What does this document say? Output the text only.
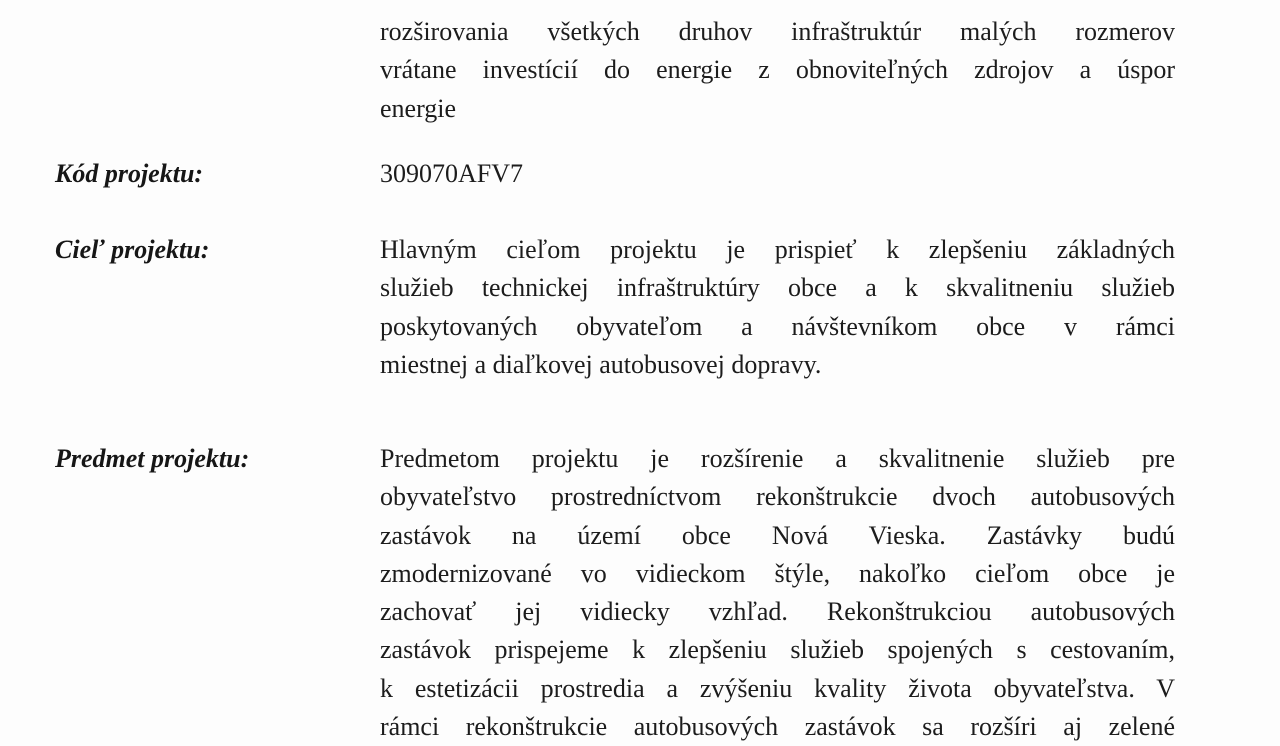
rozširovania všetkých druhov infraštruktúr malých rozmerov
vrátane investícií do energie z obnoviteľných zdrojov a úspor
energie
Kód projektu:	309070AFV7
Cieľ projektu:	Hlavným cieľom projektu je prispieť k zlepšeniu základných
služieb technickej infraštruktúry obce a k skvalitneniu služieb
poskytovaných obyvateľom a návštevníkom obce v rámci
miestnej a diaľkovej autobusovej dopravy.
Predmet projektu:	Predmetom projektu je rozšírenie a skvalitnenie služieb pre
obyvateľstvo prostredníctvom rekonštrukcie dvoch autobusových
zastávok na území obce Nová Vieska. Zastávky budú
zmodernizované vo vidieckom štýle, nakoľko cieľom obce je
zachovať jej vidiecky vzhľad. Rekonštrukciou autobusových
zastávok prispejeme k zlepšeniu služieb spojených s cestovaním,
k estetizácii prostredia a zvýšeniu kvality života obyvateľstva. V
rámci rekonštrukcie autobusových zastávok sa rozšíri aj zelené
